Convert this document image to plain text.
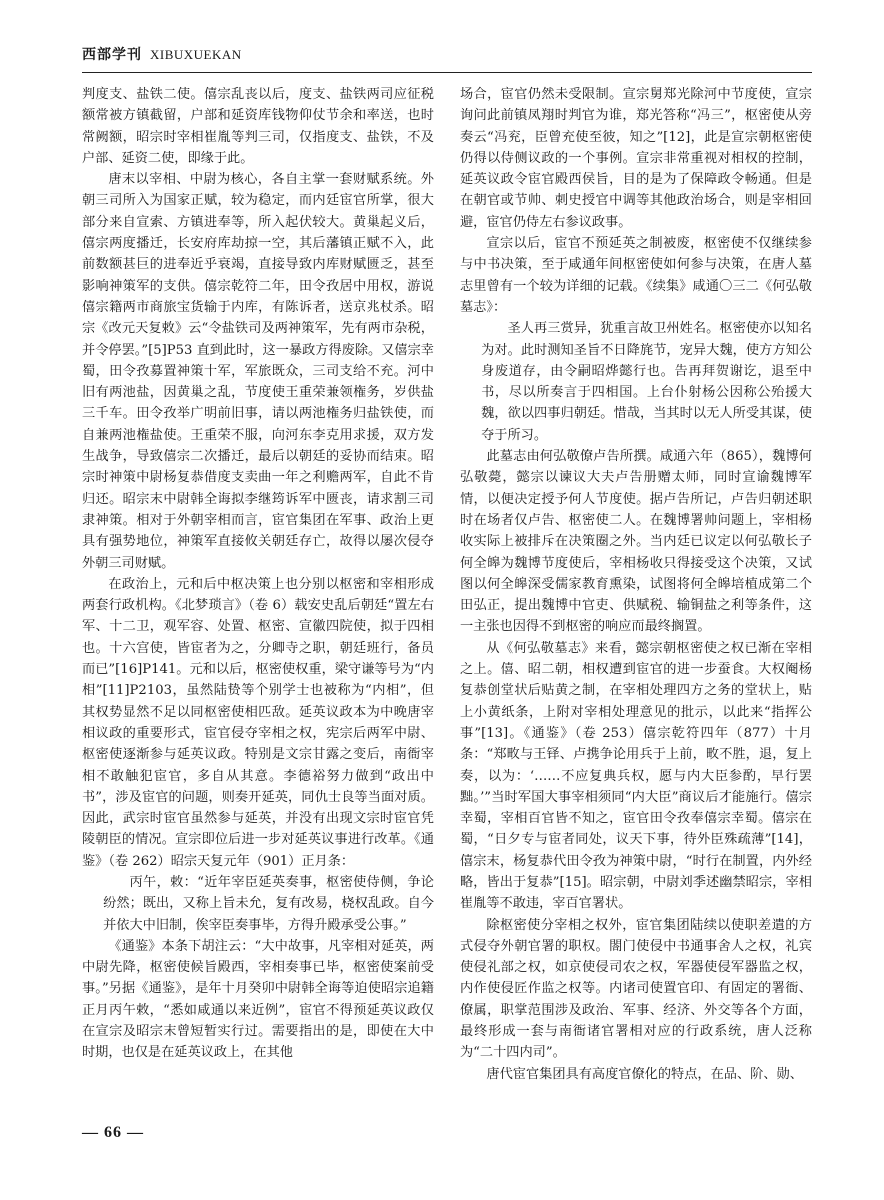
西部学刊 XIBUXUEKAN

判度支、盐铁二使。僖宗乱丧以后，度支、盐铁两司应征税额常被方镇截留，户部和延资库钱物仰仗节余和率送，也时常阙额，昭宗时宰相崔胤等判三司，仅指度支、盐铁，不及户部、延资二使，即缘于此。

唐末以宰相、中尉为核心，各自主掌一套财赋系统。外朝三司所入为国家正赋，较为稳定，而内廷宦官所掌，很大部分来自宣索、方镇进奉等，所入起伏较大。黄巢起义后，僖宗两度播迁，长安府库劫掠一空，其后藩镇正赋不入，此前数额甚巨的进奉近乎衰竭，直接导致内库财赋匮乏，甚至影响神策军的支供。僖宗乾符二年，田令孜居中用权，游说僖宗籍两市商旅宝货输于内库，有陈诉者，送京兆杖杀。昭宗《改元天复敕》云“令盐铁司及两神策军，先有两市杂税，并令停罢。”[5]P53 直到此时，这一暴政方得废除。又僖宗幸蜀，田令孜募置神策十军，军旅既众，三司支给不充。河中旧有两池盐，因黄巢之乱，节度使王重荣兼领権务，岁供盐三千车。田令孜举广明前旧事，请以两池権务归盐铁使，而自兼两池権盐使。王重荣不服，向河东李克用求援，双方发生战争，导致僖宗二次播迁，最后以朝廷的妥协而结束。昭宗时神策中尉杨复恭借度支卖曲一年之利赡两军，自此不肯归还。昭宗末中尉韩全诲拟李继筠诉军中匮丧，请求割三司隶神策。相对于外朝宰相而言，宦官集团在军事、政治上更具有强势地位，神策军直接攸关朝廷存亡，故得以屡次侵夺外朝三司财赋。

在政治上，元和后中枢决策上也分别以枢密和宰相形成两套行政机构。《北梦琐言》（卷 6）载安史乱后朝廷“置左右军、十二卫，观军容、处置、枢密、宣徽四院使，拟于四相也。十六宫使，皆宦者为之，分卿寺之职，朝廷班行，备员而已”[16]P141。元和以后，枢密使权重，梁守谦等号为“内相”[11]P2103，虽然陆贽等个别学士也被称为“内相”，但其权势显然不足以同枢密使相匹敌。延英议政本为中晚唐宰相议政的重要形式，宦官侵夺宰相之权，宪宗后两军中尉、枢密使逐渐参与延英议政。特别是文宗甘露之变后，南衙宰相不敢触犯宦官，多自从其意。李德裕努力做到“政出中书”，涉及宦官的问题，则奏开延英，同仇士良等当面对质。因此，武宗时宦官虽然参与延英，并没有出现文宗时宦官凭陵朝臣的情况。宣宗即位后进一步对延英议事进行改革。《通鉴》（卷 262）昭宗天复元年（901）正月条：

丙午，敕：“近年宰臣延英奏事，枢密使侍侧，争论纷然；既出，又称上旨未允，复有改易，桡权乱政。自今并依大中旧制，俟宰臣奏事毕，方得升殿承受公事。”

《通鉴》本条下胡注云：“大中故事，凡宰相对延英，两中尉先降，枢密使候旨殿西，宰相奏事已毕，枢密使案前受事。”另据《通鉴》，是年十月癸卯中尉韩全诲等迫使昭宗追籍正月丙午敕，“悉如咸通以来近例”，宦官不得预延英议政仅在宣宗及昭宗末曾短暂实行过。需要指出的是，即使在大中时期，也仅是在延英议政上，在其他

场合，宦官仍然未受限制。宣宗舅郑光除河中节度使，宣宗询问此前镇凤翔时判官为谁，郑光答称“冯三”，枢密使从旁奏云“冯兖，臣曾充使至彼，知之”[12]，此是宣宗朝枢密使仍得以侍侧议政的一个事例。宣宗非常重视对相权的控制，延英议政令宦官殿西侯旨，目的是为了保障政令畅通。但是在朝官或节帅、刺史授官中调等其他政治场合，则是宰相回避，宦官仍侍左右参议政事。

宣宗以后，宦官不预延英之制被废，枢密使不仅继续参与中书决策，至于咸通年间枢密使如何参与决策，在唐人墓志里曾有一个较为详细的记载。《续集》咸通〇三二《何弘敬墓志》：

圣人再三赏异，犹重言故卫州姓名。枢密使亦以知名为对。此时测知圣旨不日降旄节，宠异大魏，使方方知公身废道存，由令嗣昭烨懿行也。告再拜贺谢讫，退至中书，尽以所奏言于四相国。上台仆射杨公因称公殆援大魏，欲以四事归朝廷。惜哉，当其时以无人所受其谋，使夺于所习。

此墓志由何弘敬僚卢告所撰。咸通六年（865），魏博何弘敬薨，懿宗以谏议大夫卢告册赠太师，同时宣谕魏博军情，以便决定授予何人节度使。据卢告所记，卢告归朝述职时在场者仅卢告、枢密使二人。在魏博署帅问题上，宰相杨收实际上被排斥在决策圈之外。当内廷已议定以何弘敬长子何全皞为魏博节度使后，宰相杨收只得接受这个决策，又试图以何全皞深受儒家教育熏染，试图将何全皞培植成第二个田弘正，提出魏博中官吏、供赋税、输铜盐之利等条件，这一主张也因得不到枢密的响应而最终搁置。

从《何弘敬墓志》来看，懿宗朝枢密使之权已渐在宰相之上。僖、昭二朝，相权遭到宦官的进一步蚕食。大权阉杨复恭创堂状后贴黄之制，在宰相处理四方之务的堂状上，贴上小黄纸条，上附对宰相处理意见的批示，以此来“指挥公事”[13]。《通鉴》（卷 253）僖宗乾符四年（877）十月条：“郑畋与王铎、卢携争论用兵于上前，畋不胜，退，复上奏，以为：‘……不应复典兵权，愿与内大臣参酌，早行罢黜。’”当时军国大事宰相须同“内大臣”商议后才能施行。僖宗幸蜀，宰相百官皆不知之，宦官田令孜奉僖宗幸蜀。僖宗在蜀，“日夕专与宦者同处，议天下事，待外臣殊疏薄”[14]，僖宗末，杨复恭代田令孜为神策中尉，“时行在制置，内外经略，皆出于复恭”[15]。昭宗朝，中尉刘季述幽禁昭宗，宰相崔胤等不敢违，宰百官署状。

除枢密使分宰相之权外，宦官集团陆续以使职差遣的方式侵夺外朝官署的职权。閤门使侵中书通事舍人之权，礼宾使侵礼部之权，如京使侵司农之权，军器使侵军器监之权，内作使侵匠作监之权等。内诸司使置官印、有固定的署衙、僚属，职掌范围涉及政治、军事、经济、外交等各个方面，最终形成一套与南衙诸官署相对应的行政系统，唐人泛称为“二十四内司”。

唐代宦官集团具有高度官僚化的特点，在品、阶、勋、

— 66 —
